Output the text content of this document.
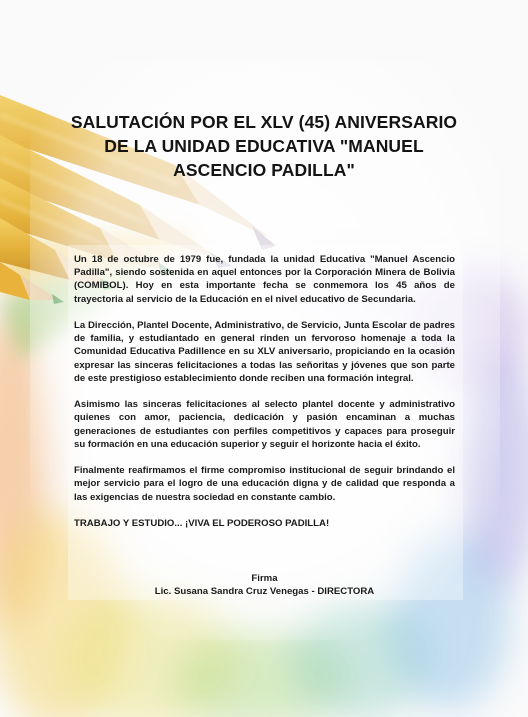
SALUTACIÓN POR EL XLV (45) ANIVERSARIO DE LA UNIDAD EDUCATIVA "MANUEL ASCENCIO PADILLA"

Un 18 de octubre de 1979 fue, fundada la unidad Educativa "Manuel Ascencio Padilla", siendo sostenida en aquel entonces por la Corporación Minera de Bolivia (COMIBOL). Hoy en esta importante fecha se conmemora los 45 años de trayectoria al servicio de la Educación en el nivel educativo de Secundaria.

La Dirección, Plantel Docente, Administrativo, de Servicio, Junta Escolar de padres de familia, y estudiantado en general rinden un fervoroso homenaje a toda la Comunidad Educativa Padillence en su XLV aniversario, propiciando en la ocasión expresar las sinceras felicitaciones a todas las señoritas y jóvenes que son parte de este prestigioso establecimiento donde reciben una formación integral.

Asimismo las sinceras felicitaciones al selecto plantel docente y administrativo quienes con amor, paciencia, dedicación y pasión encaminan a muchas generaciones de estudiantes con perfiles competitivos y capaces para proseguir su formación en una educación superior y seguir el horizonte hacia el éxito.

Finalmente reafirmamos el firme compromiso institucional de seguir brindando el mejor servicio para el logro de una educación digna y de calidad que responda a las exigencias de nuestra sociedad en constante cambio.

TRABAJO Y ESTUDIO... ¡VIVA EL PODEROSO PADILLA!

Firma
Lic. Susana Sandra Cruz Venegas - DIRECTORA
